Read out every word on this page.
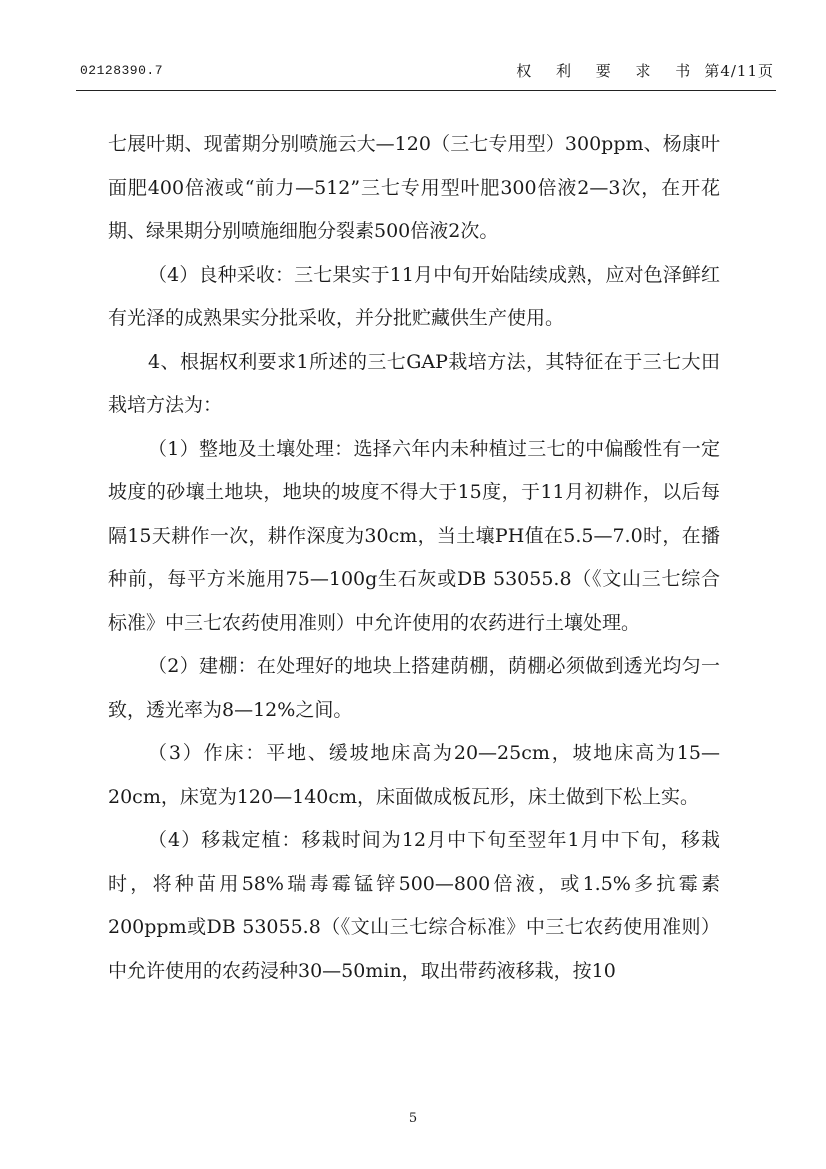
02128390.7	权 利 要 求 书 第4/11页

七展叶期、现蕾期分别喷施云大—120（三七专用型）300ppm、杨康叶面肥400倍液或“前力—512”三七专用型叶肥300倍液2—3次，在开花期、绿果期分别喷施细胞分裂素500倍液2次。

（4）良种采收：三七果实于11月中旬开始陆续成熟，应对色泽鲜红有光泽的成熟果实分批采收，并分批贮藏供生产使用。

4、根据权利要求1所述的三七GAP栽培方法，其特征在于三七大田栽培方法为：

（1）整地及土壤处理：选择六年内未种植过三七的中偏酸性有一定坡度的砂壤土地块，地块的坡度不得大于15度，于11月初耕作，以后每隔15天耕作一次，耕作深度为30cm，当土壤PH值在5.5—7.0时，在播种前，每平方米施用75—100g生石灰或DB 53055.8（《文山三七综合标准》中三七农药使用准则）中允许使用的农药进行土壤处理。

（2）建棚：在处理好的地块上搭建荫棚，荫棚必须做到透光均匀一致，透光率为8—12%之间。

（3）作床：平地、缓坡地床高为20—25cm，坡地床高为15—20cm，床宽为120—140cm，床面做成板瓦形，床土做到下松上实。

（4）移栽定植：移栽时间为12月中下旬至翌年1月中下旬，移栽时，将种苗用58%瑞毒霉锰锌500—800倍液，或1.5%多抗霉素200ppm或DB 53055.8（《文山三七综合标准》中三七农药使用准则）中允许使用的农药浸种30—50min，取出带药液移栽，按10

5
